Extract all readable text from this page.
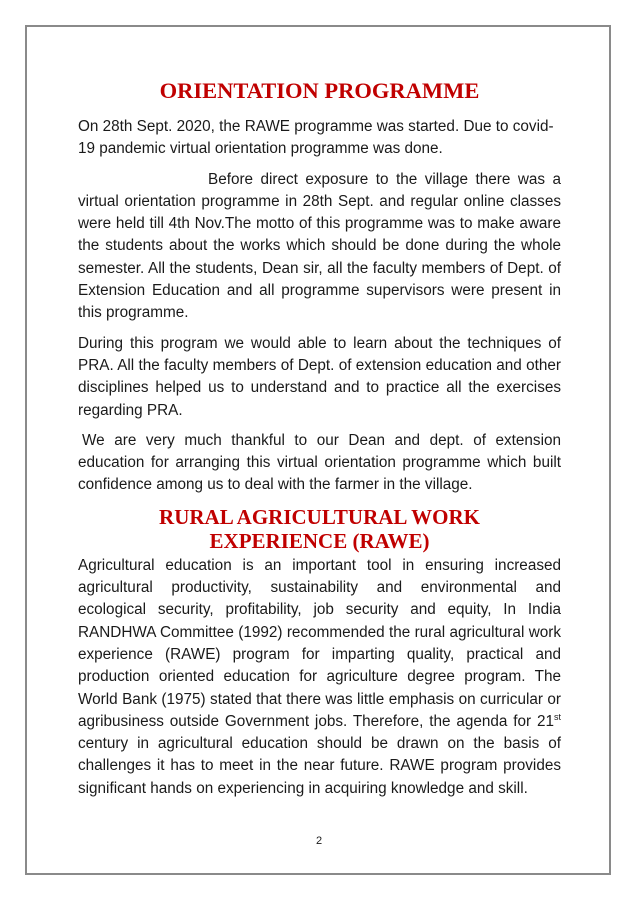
ORIENTATION PROGRAMME

On 28th Sept. 2020, the RAWE programme was started. Due to covid-19 pandemic virtual orientation programme was done.

Before direct exposure to the village there was a virtual orientation programme in 28th Sept. and regular online classes were held till 4th Nov.The motto of this programme was to make aware the students about the works which should be done during the whole semester. All the students, Dean sir, all the faculty members of Dept. of Extension Education and all programme supervisors were present in this programme.

During this program we would able to learn about the techniques of PRA. All the faculty members of Dept. of extension education and other disciplines helped us to understand and to practice all the exercises regarding PRA.

We are very much thankful to our Dean and dept. of extension education for arranging this virtual orientation programme which built confidence among us to deal with the farmer in the village.

RURAL AGRICULTURAL WORK
EXPERIENCE (RAWE)

Agricultural education is an important tool in ensuring increased agricultural productivity, sustainability and environmental and ecological security, profitability, job security and equity, In India RANDHWA Committee (1992) recommended the rural agricultural work experience (RAWE) program for imparting quality, practical and production oriented education for agriculture degree program. The World Bank (1975) stated that there was little emphasis on curricular or agribusiness outside Government jobs. Therefore, the agenda for 21st century in agricultural education should be drawn on the basis of challenges it has to meet in the near future. RAWE program provides significant hands on experiencing in acquiring knowledge and skill.

2
